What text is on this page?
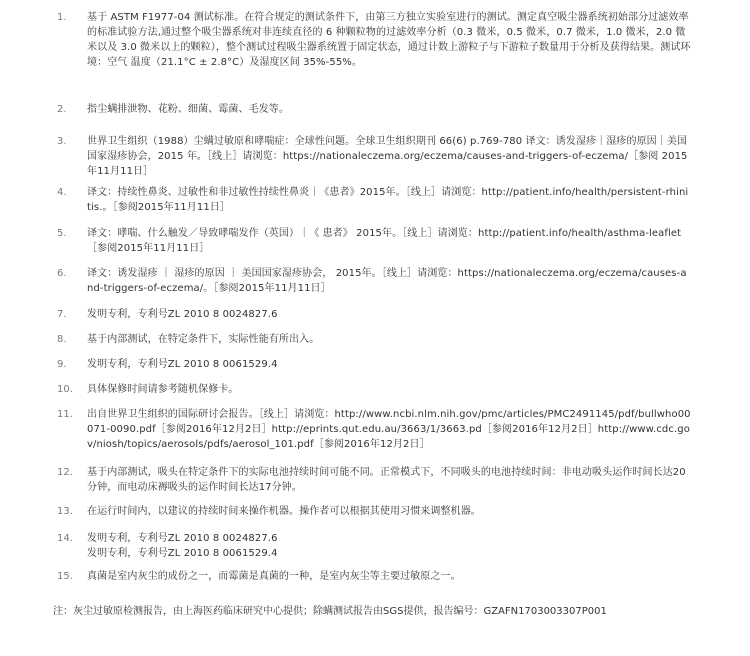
1.	基于 ASTM F1977-04 测试标准。在符合规定的测试条件下，由第三方独立实验室进行的测试。测定真空吸尘器系统初始部分过滤效率的标准试验方法,通过整个吸尘器系统对非连续直径的 6 种颗粒物的过滤效率分析（0.3 微米，0.5 微米，0.7 微米，1.0 微米，2.0 微米以及 3.0 微米以上的颗粒），整个测试过程吸尘器系统置于固定状态，通过计数上游粒子与下游粒子数量用于分析及获得结果。测试环境：空气 温度（21.1°C ± 2.8°C）及湿度区间 35%-55%。
2.	指尘螨排泄物、花粉、细菌、霉菌、毛发等。
3.	世界卫生组织（1988）尘螨过敏原和哮喘症：全球性问题。全球卫生组织期刊 66(6) p.769-780 译文：诱发湿疹｜湿疹的原因｜美国国家湿疹协会，2015 年。［线上］请浏览：https://nationaleczema.org/eczema/causes-and-triggers-of-eczema/［参阅 2015 年11月11日］
4.	译文：持续性鼻炎、过敏性和非过敏性持续性鼻炎｜《患者》2015年。［线上］请浏览：http://patient.info/health/persistent-rhinitis.。［参阅2015年11月11日］
5.	译文：哮喘、什么触发／导致哮喘发作（英国）｜《 患者》 2015年。［线上］请浏览：http://patient.info/health/asthma-leaflet［参阅2015年11月11日］
6.	译文：诱发湿疹 ｜ 湿疹的原因 ｜ 美国国家湿疹协会， 2015年。［线上］请浏览：https://nationaleczema.org/eczema/causes-and-triggers-of-eczema/。［参阅2015年11月11日］
7.	发明专利，专利号ZL 2010 8 0024827.6
8.	基于内部测试，在特定条件下，实际性能有所出入。
9.	发明专利，专利号ZL 2010 8 0061529.4
10.	具体保修时间请参考随机保修卡。
11.	出自世界卫生组织的国际研讨会报告。［线上］请浏览：http://www.ncbi.nlm.nih.gov/pmc/articles/PMC2491145/pdf/bullwho00071-0090.pdf［参阅2016年12月2日］http://eprints.qut.edu.au/3663/1/3663.pd［参阅2016年12月2日］http://www.cdc.gov/niosh/topics/aerosols/pdfs/aerosol_101.pdf［参阅2016年12月2日］
12.	基于内部测试，吸头在特定条件下的实际电池持续时间可能不同。正常模式下，不同吸头的电池持续时间：非电动吸头运作时间长达20分钟，而电动床褥吸头的运作时间长达17分钟。
13.	在运行时间内，以建议的持续时间来操作机器。操作者可以根据其使用习惯来调整机器。
14.	发明专利，专利号ZL 2010 8 0024827.6
发明专利，专利号ZL 2010 8 0061529.4
15.	真菌是室内灰尘的成份之一，而霉菌是真菌的一种，是室内灰尘等主要过敏原之一。
注：灰尘过敏原检测报告，由上海医药临床研究中心提供；除螨测试报告由SGS提供，报告编号：GZAFN1703003307P001
